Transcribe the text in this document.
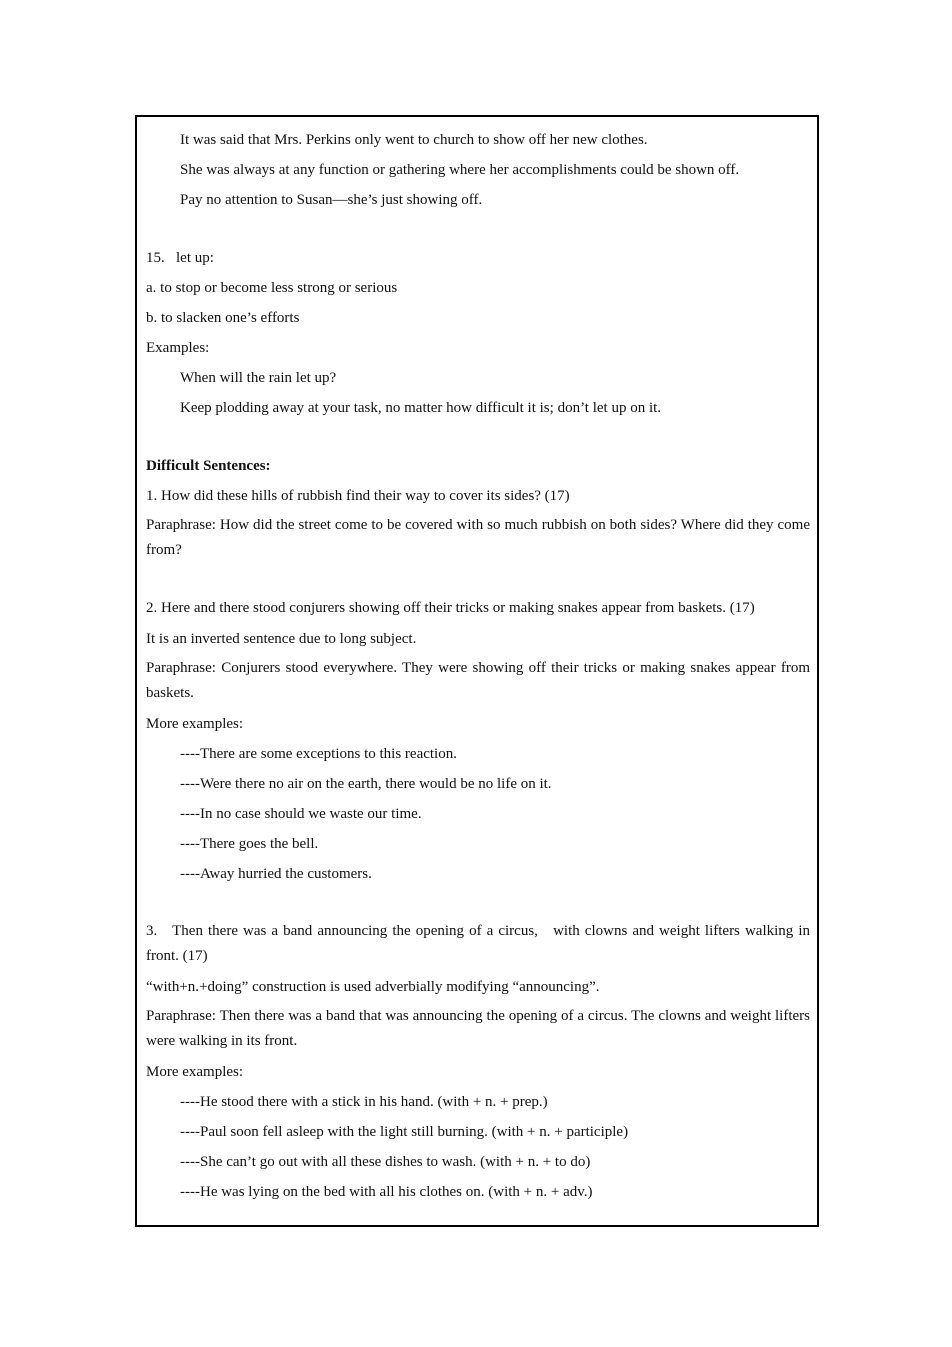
It was said that Mrs. Perkins only went to church to show off her new clothes.
She was always at any function or gathering where her accomplishments could be shown off.
Pay no attention to Susan—she’s just showing off.
15.   let up:
a. to stop or become less strong or serious
b. to slacken one’s efforts
Examples:
When will the rain let up?
Keep plodding away at your task, no matter how difficult it is; don’t let up on it.
Difficult Sentences:
1. How did these hills of rubbish find their way to cover its sides? (17)
Paraphrase: How did the street come to be covered with so much rubbish on both sides? Where did they come from?
2. Here and there stood conjurers showing off their tricks or making snakes appear from baskets. (17)
It is an inverted sentence due to long subject.
Paraphrase: Conjurers stood everywhere. They were showing off their tricks or making snakes appear from baskets.
More examples:
----There are some exceptions to this reaction.
----Were there no air on the earth, there would be no life on it.
----In no case should we waste our time.
----There goes the bell.
----Away hurried the customers.
3.   Then there was a band announcing the opening of a circus,   with clowns and weight lifters walking in front. (17)
“with+n.+doing” construction is used adverbially modifying “announcing”.
Paraphrase: Then there was a band that was announcing the opening of a circus. The clowns and weight lifters were walking in its front.
More examples:
----He stood there with a stick in his hand. (with + n. + prep.)
----Paul soon fell asleep with the light still burning. (with + n. + participle)
----She can’t go out with all these dishes to wash. (with + n. + to do)
----He was lying on the bed with all his clothes on. (with + n. + adv.)
